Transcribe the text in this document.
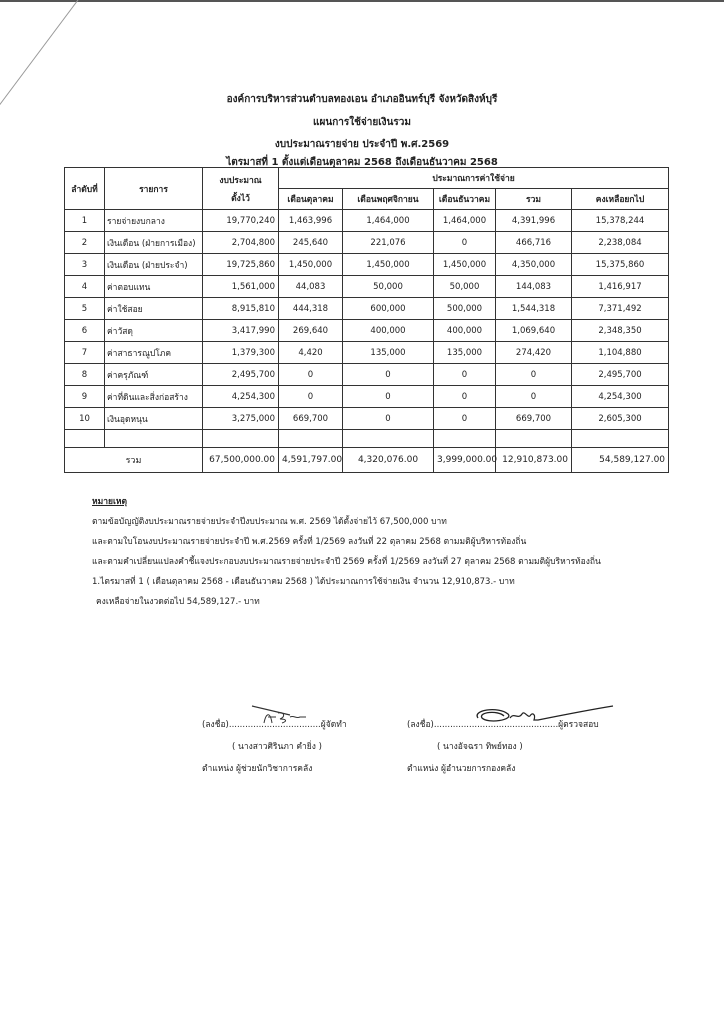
องค์การบริหารส่วนตำบลทองเอน อำเภออินทร์บุรี จังหวัดสิงห์บุรี
แผนการใช้จ่ายเงินรวม
งบประมาณรายจ่าย ประจำปี พ.ศ.2569
ไตรมาสที่ 1 ตั้งแต่เดือนตุลาคม 2568 ถึงเดือนธันวาคม 2568
ลำดับที่	รายการ	งบประมาณ
ตั้งไว้	ประมาณการค่าใช้จ่าย				
			เดือนตุลาคม	เดือนพฤศจิกายน	เดือนธันวาคม	รวม	คงเหลือยกไป
1	รายจ่ายงบกลาง	19,770,240	1,463,996	1,464,000	1,464,000	4,391,996	15,378,244
2	เงินเดือน (ฝ่ายการเมือง)	2,704,800	245,640	221,076	0	466,716	2,238,084
3	เงินเดือน (ฝ่ายประจำ)	19,725,860	1,450,000	1,450,000	1,450,000	4,350,000	15,375,860
4	ค่าตอบแทน	1,561,000	44,083	50,000	50,000	144,083	1,416,917
5	ค่าใช้สอย	8,915,810	444,318	600,000	500,000	1,544,318	7,371,492
6	ค่าวัสดุ	3,417,990	269,640	400,000	400,000	1,069,640	2,348,350
7	ค่าสาธารณูปโภค	1,379,300	4,420	135,000	135,000	274,420	1,104,880
8	ค่าครุภัณฑ์	2,495,700	0	0	0	0	2,495,700
9	ค่าที่ดินและสิ่งก่อสร้าง	4,254,300	0	0	0	0	4,254,300
10	เงินอุดหนุน	3,275,000	669,700	0	0	669,700	2,605,300

รวม		67,500,000.00	4,591,797.00	4,320,076.00	3,999,000.00	12,910,873.00	54,589,127.00
หมายเหตุ
ตามข้อบัญญัติงบประมาณรายจ่ายประจำปีงบประมาณ พ.ศ. 2569 ได้ตั้งจ่ายไว้ 67,500,000 บาท
และตามใบโอนงบประมาณรายจ่ายประจำปี พ.ศ.2569 ครั้งที่ 1/2569 ลงวันที่ 22 ตุลาคม 2568 ตามมติผู้บริหารท้องถิ่น
และตามคำเปลี่ยนแปลงคำชี้แจงประกอบงบประมาณรายจ่ายประจำปี 2569 ครั้งที่ 1/2569 ลงวันที่ 27 ตุลาคม 2568 ตามมติผู้บริหารท้องถิ่น
1.ไตรมาสที่ 1 ( เดือนตุลาคม 2568 - เดือนธันวาคม 2568 ) ได้ประมาณการใช้จ่ายเงิน จำนวน 12,910,873.- บาท
คงเหลือจ่ายในงวดต่อไป 54,589,127.- บาท
(ลงชื่อ)..................................ผู้จัดทำ
( นางสาวศิรินภา คำยิ่ง )
ตำแหน่ง ผู้ช่วยนักวิชาการคลัง
(ลงชื่อ)..............................................ผู้ตรวจสอบ
( นางอัจฉรา ทิพย์ทอง )
ตำแหน่ง ผู้อำนวยการกองคลัง
